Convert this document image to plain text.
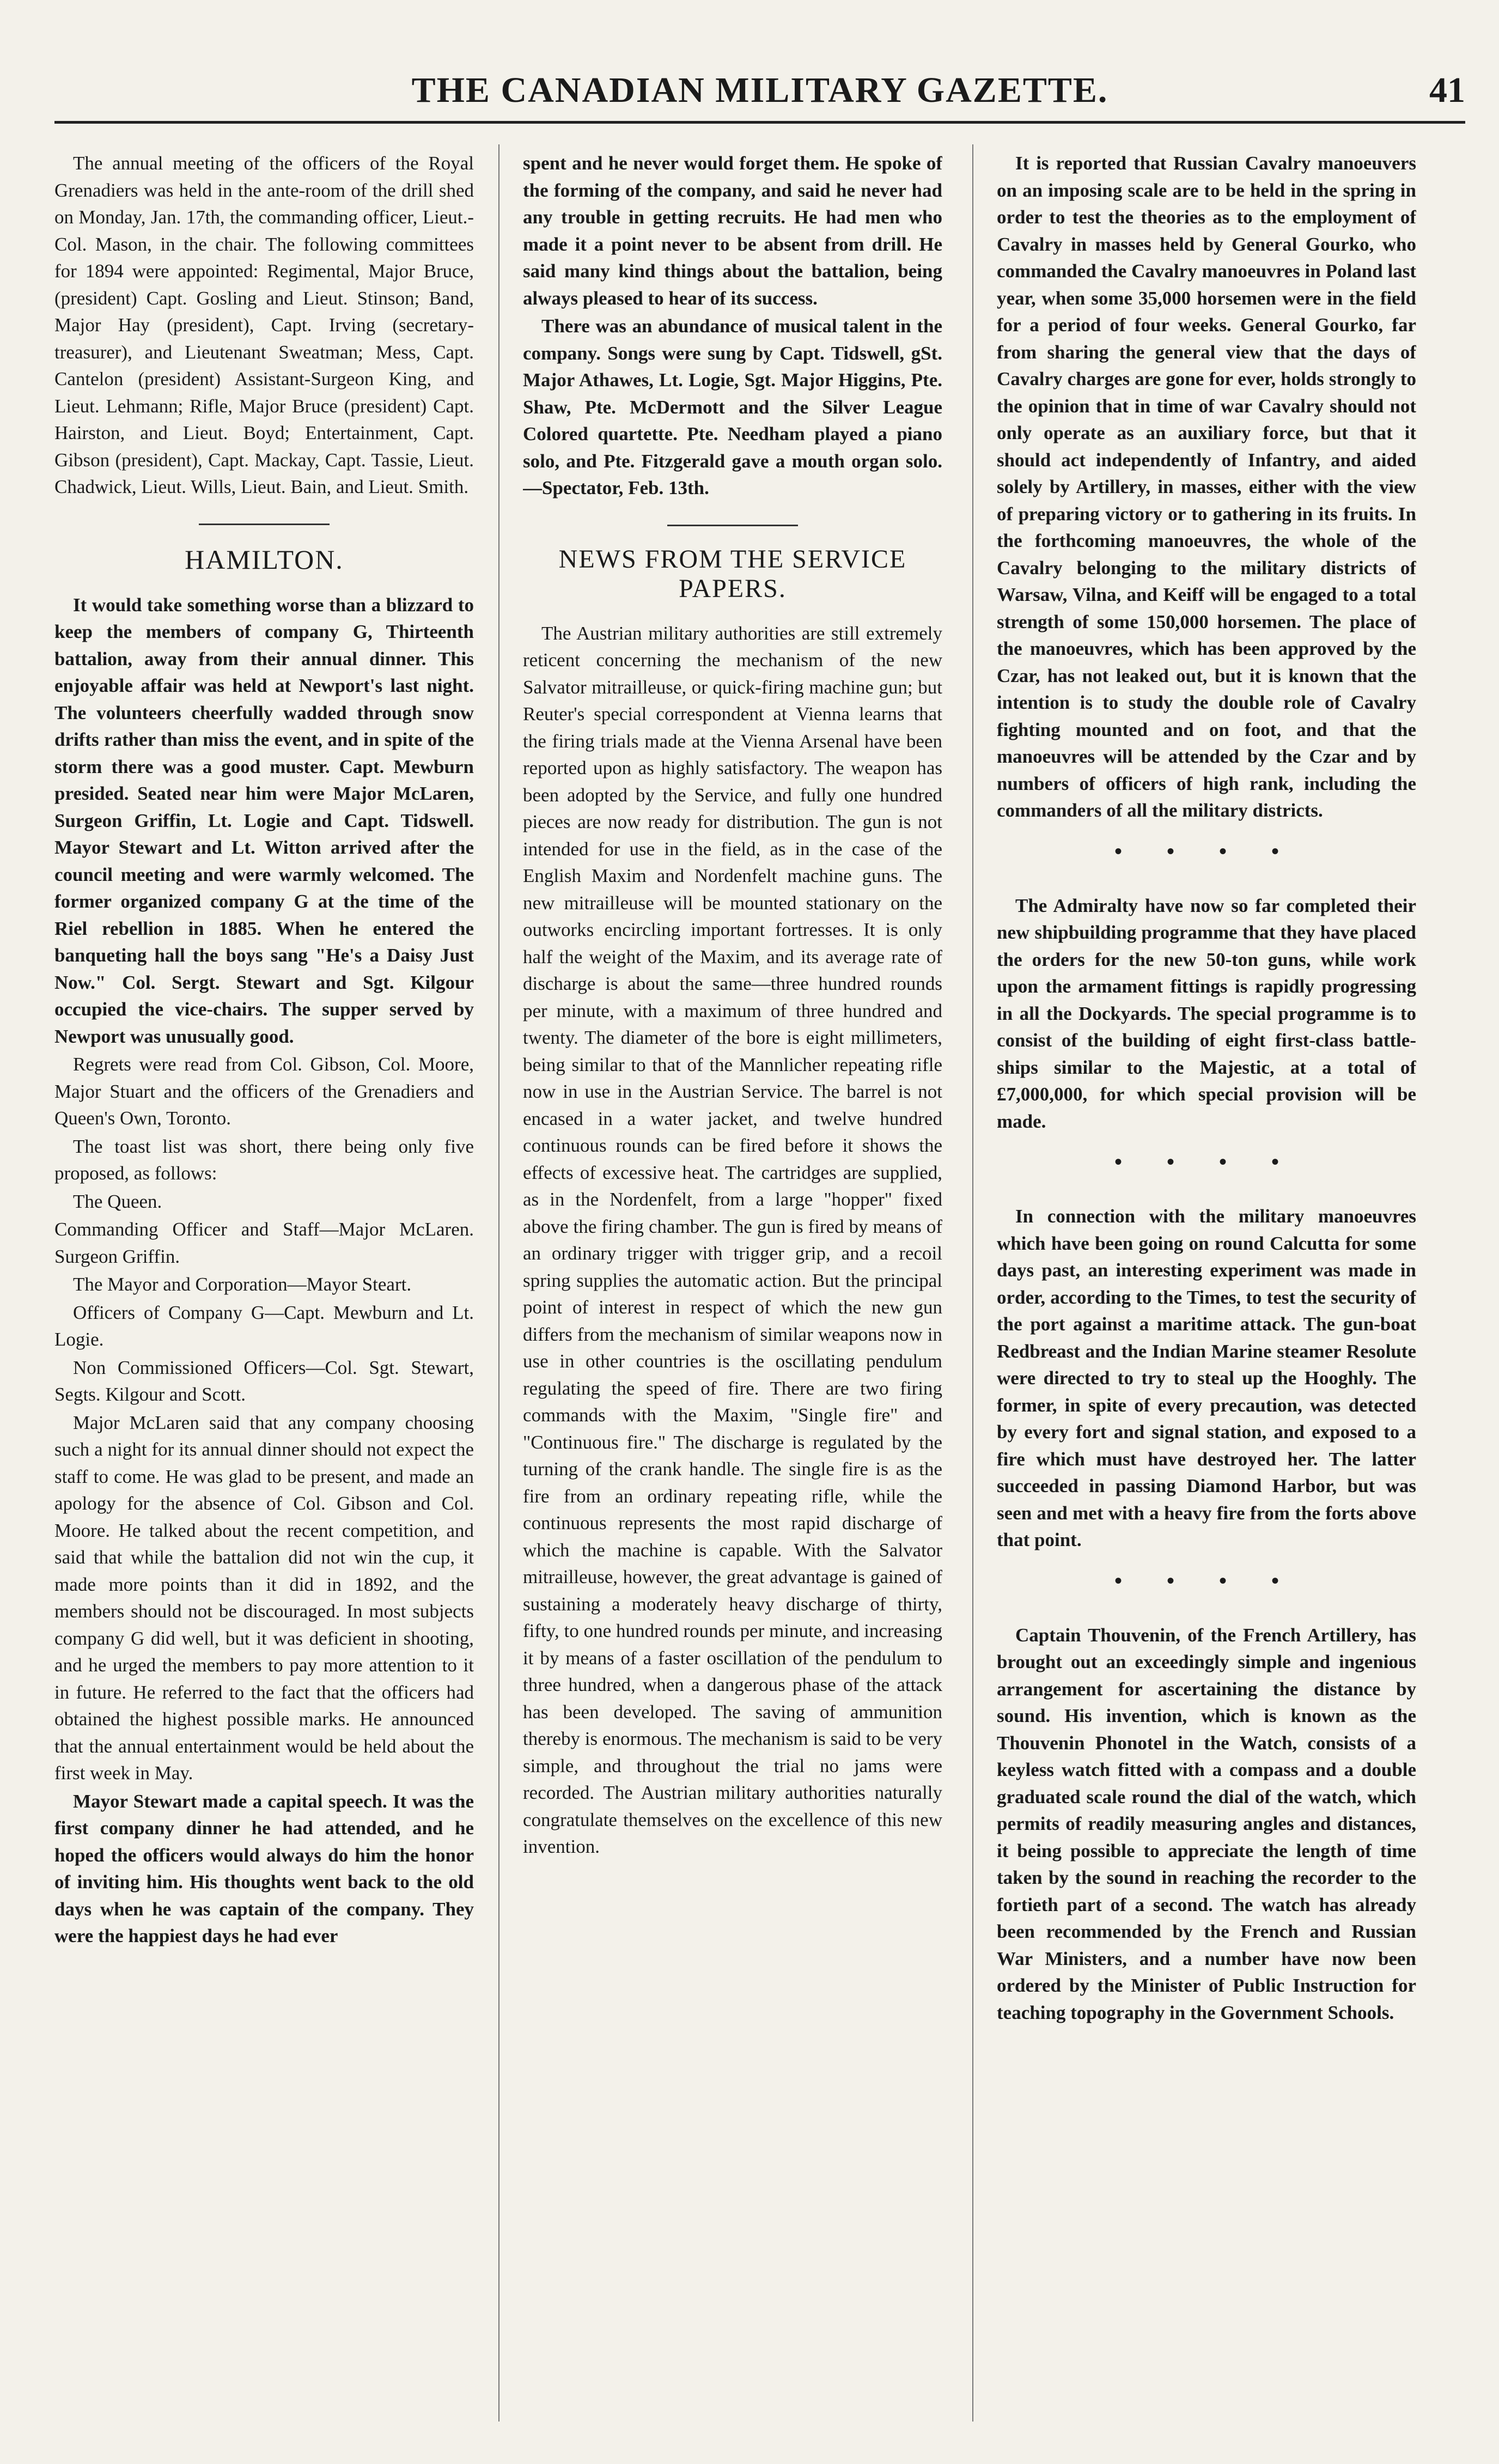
THE CANADIAN MILITARY GAZETTE.	41

The annual meeting of the officers of the Royal Grenadiers was held in the ante-room of the drill shed on Monday, Jan. 17th, the commanding officer, Lieut.-Col. Mason, in the chair. The following committees for 1894 were appointed: Regimental, Major Bruce, (president) Capt. Gosling and Lieut. Stinson; Band, Major Hay (president), Capt. Irving (secretary-treasurer), and Lieutenant Sweatman; Mess, Capt. Cantelon (president) Assistant-Surgeon King, and Lieut. Lehmann; Rifle, Major Bruce (president) Capt. Hairston, and Lieut. Boyd; Entertainment, Capt. Gibson (president), Capt. Mackay, Capt. Tassie, Lieut. Chadwick, Lieut. Wills, Lieut. Bain, and Lieut. Smith.

HAMILTON.

It would take something worse than a blizzard to keep the members of company G, Thirteenth battalion, away from their annual dinner. This enjoyable affair was held at Newport's last night. The volunteers cheerfully wadded through snow drifts rather than miss the event, and in spite of the storm there was a good muster. Capt. Mewburn presided. Seated near him were Major McLaren, Surgeon Griffin, Lt. Logie and Capt. Tidswell. Mayor Stewart and Lt. Witton arrived after the council meeting and were warmly welcomed. The former organized company G at the time of the Riel rebellion in 1885. When he entered the banqueting hall the boys sang "He's a Daisy Just Now." Col. Sergt. Stewart and Sgt. Kilgour occupied the vice-chairs. The supper served by Newport was unusually good.

Regrets were read from Col. Gibson, Col. Moore, Major Stuart and the officers of the Grenadiers and Queen's Own, Toronto.

The toast list was short, there being only five proposed, as follows:

The Queen.

Commanding Officer and Staff—Major McLaren. Surgeon Griffin.

The Mayor and Corporation—Mayor Steart.

Officers of Company G—Capt. Mewburn and Lt. Logie.

Non Commissioned Officers—Col. Sgt. Stewart, Segts. Kilgour and Scott.

Major McLaren said that any company choosing such a night for its annual dinner should not expect the staff to come. He was glad to be present, and made an apology for the absence of Col. Gibson and Col. Moore. He talked about the recent competition, and said that while the battalion did not win the cup, it made more points than it did in 1892, and the members should not be discouraged. In most subjects company G did well, but it was deficient in shooting, and he urged the members to pay more attention to it in future. He referred to the fact that the officers had obtained the highest possible marks. He announced that the annual entertainment would be held about the first week in May.

Mayor Stewart made a capital speech. It was the first company dinner he had attended, and he hoped the officers would always do him the honor of inviting him. His thoughts went back to the old days when he was captain of the company. They were the happiest days he had ever

spent and he never would forget them. He spoke of the forming of the company, and said he never had any trouble in getting recruits. He had men who made it a point never to be absent from drill. He said many kind things about the battalion, being always pleased to hear of its success.

There was an abundance of musical talent in the company. Songs were sung by Capt. Tidswell, gSt. Major Athawes, Lt. Logie, Sgt. Major Higgins, Pte. Shaw, Pte. McDermott and the Silver League Colored quartette. Pte. Needham played a piano solo, and Pte. Fitzgerald gave a mouth organ solo.—Spectator, Feb. 13th.

NEWS FROM THE SERVICE PAPERS.

The Austrian military authorities are still extremely reticent concerning the mechanism of the new Salvator mitrailleuse, or quick-firing machine gun; but Reuter's special correspondent at Vienna learns that the firing trials made at the Vienna Arsenal have been reported upon as highly satisfactory. The weapon has been adopted by the Service, and fully one hundred pieces are now ready for distribution. The gun is not intended for use in the field, as in the case of the English Maxim and Nordenfelt machine guns. The new mitrailleuse will be mounted stationary on the outworks encircling important fortresses. It is only half the weight of the Maxim, and its average rate of discharge is about the same—three hundred rounds per minute, with a maximum of three hundred and twenty. The diameter of the bore is eight millimeters, being similar to that of the Mannlicher repeating rifle now in use in the Austrian Service. The barrel is not encased in a water jacket, and twelve hundred continuous rounds can be fired before it shows the effects of excessive heat. The cartridges are supplied, as in the Nordenfelt, from a large "hopper" fixed above the firing chamber. The gun is fired by means of an ordinary trigger with trigger grip, and a recoil spring supplies the automatic action. But the principal point of interest in respect of which the new gun differs from the mechanism of similar weapons now in use in other countries is the oscillating pendulum regulating the speed of fire. There are two firing commands with the Maxim, "Single fire" and "Continuous fire." The discharge is regulated by the turning of the crank handle. The single fire is as the fire from an ordinary repeating rifle, while the continuous represents the most rapid discharge of which the machine is capable. With the Salvator mitrailleuse, however, the great advantage is gained of sustaining a moderately heavy discharge of thirty, fifty, to one hundred rounds per minute, and increasing it by means of a faster oscillation of the pendulum to three hundred, when a dangerous phase of the attack has been developed. The saving of ammunition thereby is enormous. The mechanism is said to be very simple, and throughout the trial no jams were recorded. The Austrian military authorities naturally congratulate themselves on the excellence of this new invention.

It is reported that Russian Cavalry manoeuvers on an imposing scale are to be held in the spring in order to test the theories as to the employment of Cavalry in masses held by General Gourko, who commanded the Cavalry manoeuvres in Poland last year, when some 35,000 horsemen were in the field for a period of four weeks. General Gourko, far from sharing the general view that the days of Cavalry charges are gone for ever, holds strongly to the opinion that in time of war Cavalry should not only operate as an auxiliary force, but that it should act independently of Infantry, and aided solely by Artillery, in masses, either with the view of preparing victory or to gathering in its fruits. In the forthcoming manoeuvres, the whole of the Cavalry belonging to the military districts of Warsaw, Vilna, and Keiff will be engaged to a total strength of some 150,000 horsemen. The place of the manoeuvres, which has been approved by the Czar, has not leaked out, but it is known that the intention is to study the double role of Cavalry fighting mounted and on foot, and that the manoeuvres will be attended by the Czar and by numbers of officers of high rank, including the commanders of all the military districts.

• • • •

The Admiralty have now so far completed their new shipbuilding programme that they have placed the orders for the new 50-ton guns, while work upon the armament fittings is rapidly progressing in all the Dockyards. The special programme is to consist of the building of eight first-class battle-ships similar to the Majestic, at a total of £7,000,000, for which special provision will be made.

• • • •

In connection with the military manoeuvres which have been going on round Calcutta for some days past, an interesting experiment was made in order, according to the Times, to test the security of the port against a maritime attack. The gun-boat Redbreast and the Indian Marine steamer Resolute were directed to try to steal up the Hooghly. The former, in spite of every precaution, was detected by every fort and signal station, and exposed to a fire which must have destroyed her. The latter succeeded in passing Diamond Harbor, but was seen and met with a heavy fire from the forts above that point.

• • • •

Captain Thouvenin, of the French Artillery, has brought out an exceedingly simple and ingenious arrangement for ascertaining the distance by sound. His invention, which is known as the Thouvenin Phonotel in the Watch, consists of a keyless watch fitted with a compass and a double graduated scale round the dial of the watch, which permits of readily measuring angles and distances, it being possible to appreciate the length of time taken by the sound in reaching the recorder to the fortieth part of a second. The watch has already been recommended by the French and Russian War Ministers, and a number have now been ordered by the Minister of Public Instruction for teaching topography in the Government Schools.
